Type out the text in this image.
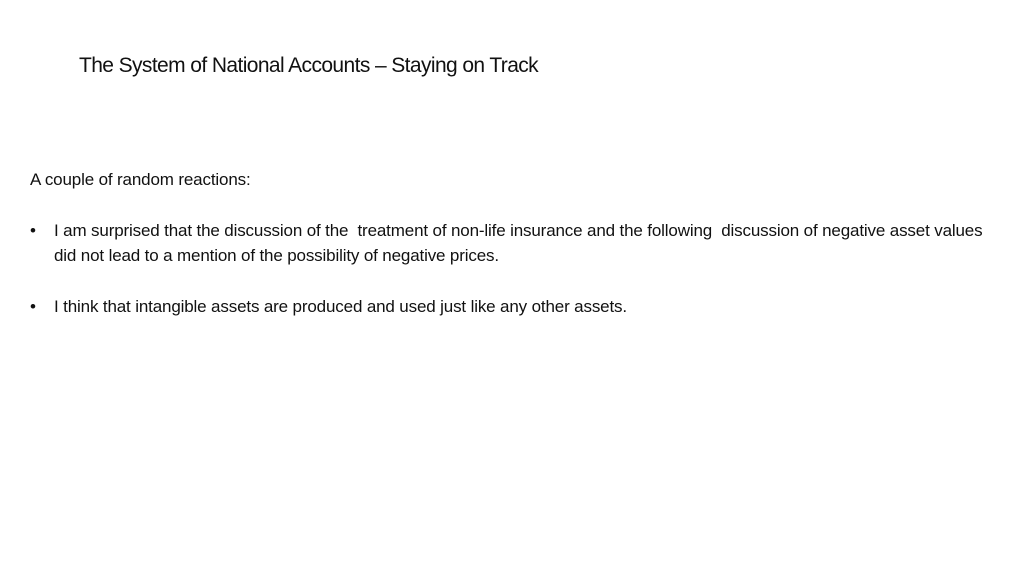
The System of National Accounts – Staying on Track

A couple of random reactions:

• I am surprised that the discussion of the  treatment of non-life insurance and the following  discussion of negative asset values did not lead to a mention of the possibility of negative prices.
• I think that intangible assets are produced and used just like any other assets.
